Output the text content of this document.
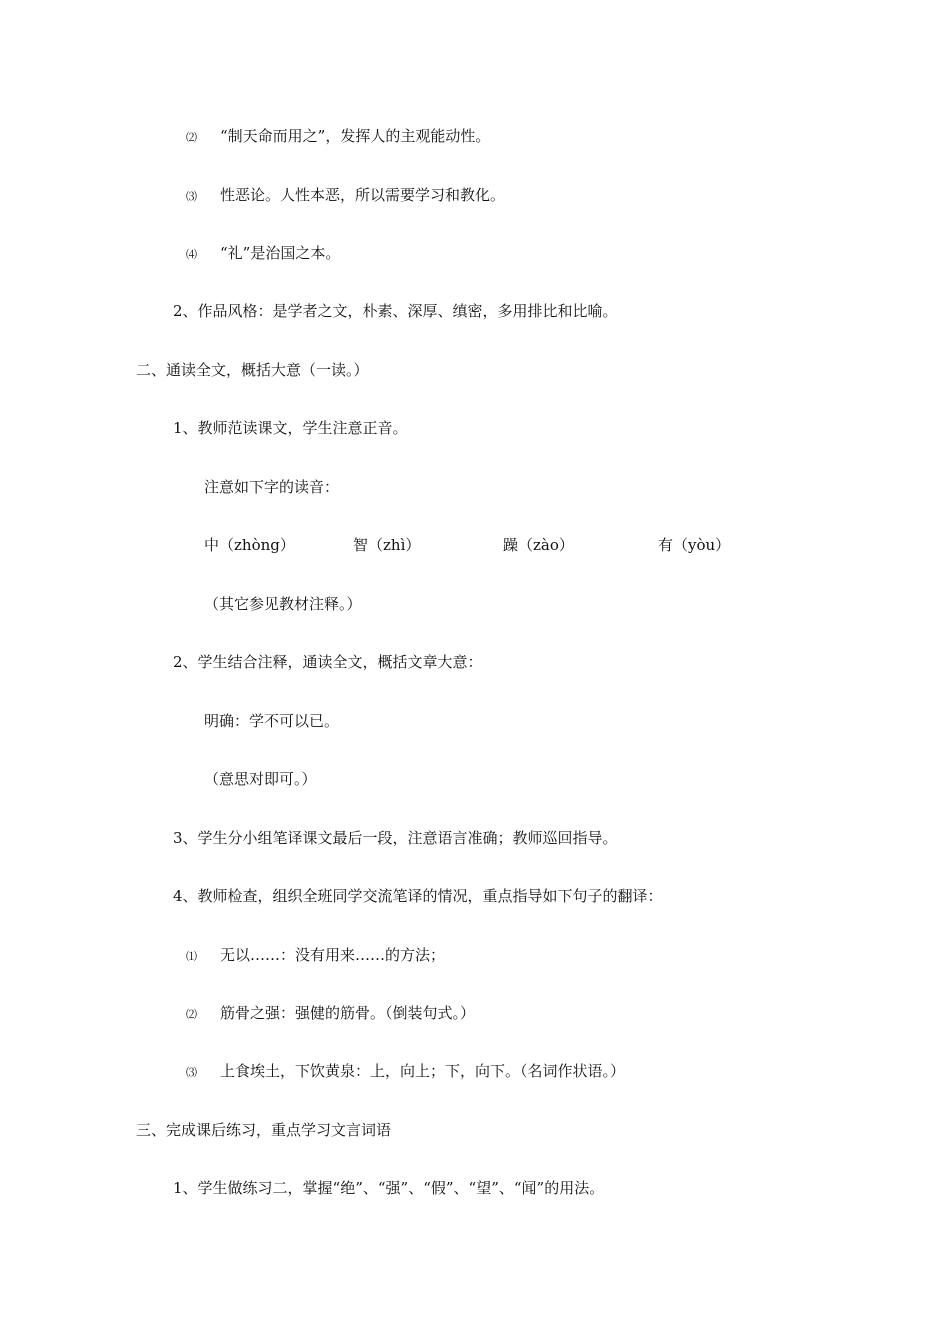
⑵ “制天命而用之”，发挥人的主观能动性。
⑶ 性恶论。人性本恶，所以需要学习和教化。
⑷ “礼”是治国之本。
2、作品风格：是学者之文，朴素、深厚、缜密，多用排比和比喻。
二、通读全文，概括大意（一读。）
1、教师范读课文，学生注意正音。
注意如下字的读音：
中（zhòng）	智（zhì）	躁（zào）	有（yòu）
（其它参见教材注释。）
2、学生结合注释，通读全文，概括文章大意：
明确：学不可以已。
（意思对即可。）
3、学生分小组笔译课文最后一段，注意语言准确；教师巡回指导。
4、教师检查，组织全班同学交流笔译的情况，重点指导如下句子的翻译：
⑴ 无以……：没有用来……的方法；
⑵ 筋骨之强：强健的筋骨。（倒装句式。）
⑶ 上食埃土，下饮黄泉：上，向上；下，向下。（名词作状语。）
三、完成课后练习，重点学习文言词语
1、学生做练习二，掌握“绝”、“强”、“假”、“望”、“闻”的用法。
